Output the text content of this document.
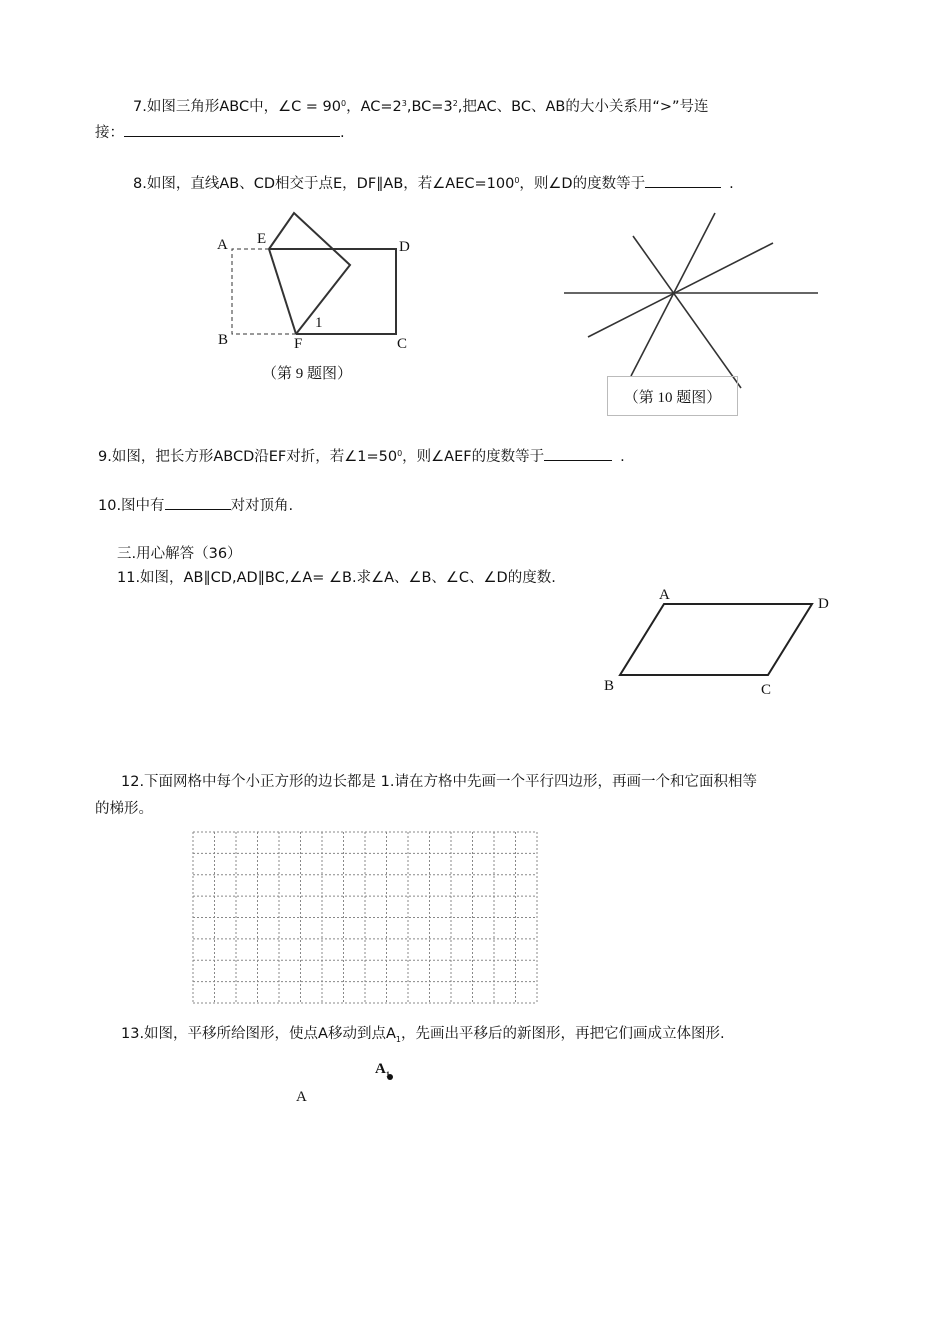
7.如图三角形ABC中，∠C = $90^0$，$AC=2^3,BC=3^2$,把AC、BC、AB的大小关系用“>”号连
接：	.
8.如图，直线AB、CD相交于点E，DF∥AB，若$\angle AEC=100^0$，则∠D的度数等于	.
A E	D
B	F	C
1
（第 9 题图）
（第 10 题图）
9.如图，把长方形ABCD沿EF对折，若$\angle 1=50^0$，则∠AEF的度数等于	.
10.图中有	对对顶角.
三.用心解答（36）
11.如图，AB∥CD,AD∥BC,∠A= ∠B.求∠A、∠B、∠C、∠D的度数.
A
D
B	C
12.下面网格中每个小正方形的边长都是 1.请在方格中先画一个平行四边形，再画一个和它面积相等
的梯形。
13.如图，平移所给图形，使点A移动到点$A_1$，先画出平移后的新图形，再把它们画成立体图形.
$A_1$
A
